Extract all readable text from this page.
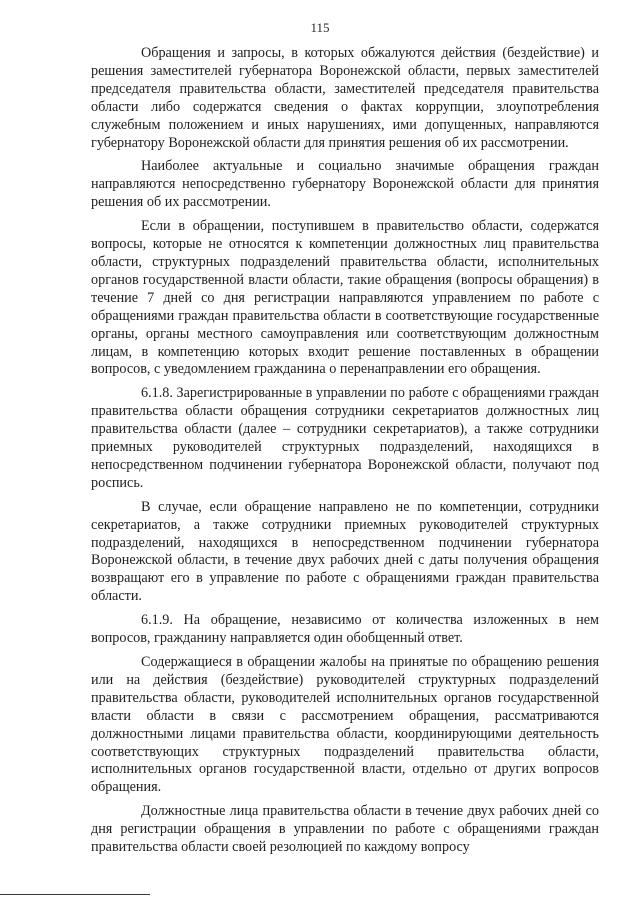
115

Обращения и запросы, в которых обжалуются действия (бездействие) и решения заместителей губернатора Воронежской области, первых заместителей председателя правительства области, заместителей председателя правительства области либо содержатся сведения о фактах коррупции, злоупотребления служебным положением и иных нарушениях, ими допущенных, направляются губернатору Воронежской области для принятия решения об их рассмотрении.

Наиболее актуальные и социально значимые обращения граждан направляются непосредственно губернатору Воронежской области для принятия решения об их рассмотрении.

Если в обращении, поступившем в правительство области, содержатся вопросы, которые не относятся к компетенции должностных лиц правительства области, структурных подразделений правительства области, исполнительных органов государственной власти области, такие обращения (вопросы обращения) в течение 7 дней со дня регистрации направляются управлением по работе с обращениями граждан правительства области в соответствующие государственные органы, органы местного самоуправления или соответствующим должностным лицам, в компетенцию которых входит решение поставленных в обращении вопросов, с уведомлением гражданина о перенаправлении его обращения.

6.1.8. Зарегистрированные в управлении по работе с обращениями граждан правительства области обращения сотрудники секретариатов должностных лиц правительства области (далее – сотрудники секретариатов), а также сотрудники приемных руководителей структурных подразделений, находящихся в непосредственном подчинении губернатора Воронежской области, получают под роспись.

В случае, если обращение направлено не по компетенции, сотрудники секретариатов, а также сотрудники приемных руководителей структурных подразделений, находящихся в непосредственном подчинении губернатора Воронежской области, в течение двух рабочих дней с даты получения обращения возвращают его в управление по работе с обращениями граждан правительства области.

6.1.9. На обращение, независимо от количества изложенных в нем вопросов, гражданину направляется один обобщенный ответ.

Содержащиеся в обращении жалобы на принятые по обращению решения или на действия (бездействие) руководителей структурных подразделений правительства области, руководителей исполнительных органов государственной власти области в связи с рассмотрением обращения, рассматриваются должностными лицами правительства области, координирующими деятельность соответствующих структурных подразделений правительства области, исполнительных органов государственной власти, отдельно от других вопросов обращения.

Должностные лица правительства области в течение двух рабочих дней со дня регистрации обращения в управлении по работе с обращениями граждан правительства области своей резолюцией по каждому вопросу
